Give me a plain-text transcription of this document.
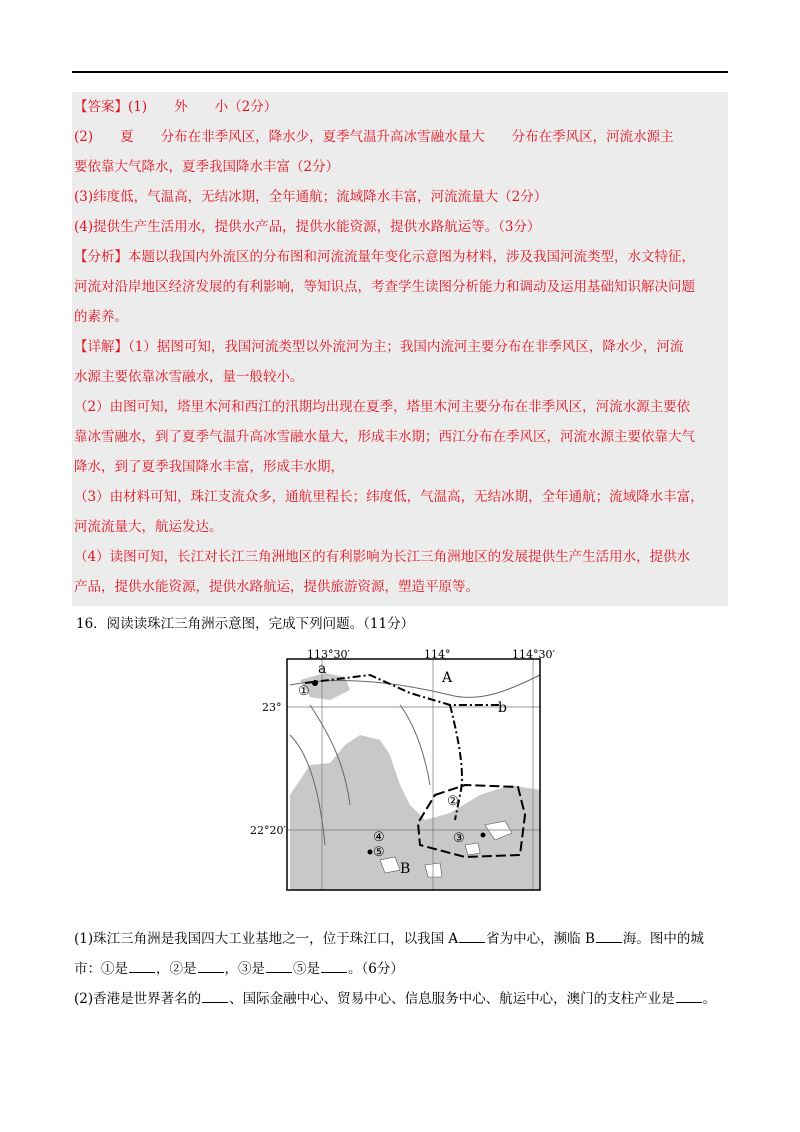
【答案】(1)　　外　　小（2分）

(2)　　夏　　分布在非季风区，降水少，夏季气温升高冰雪融水量大　　分布在季风区，河流水源主

要依靠大气降水，夏季我国降水丰富（2分）

(3)纬度低，气温高，无结冰期，全年通航；流域降水丰富，河流流量大（2分）

(4)提供生产生活用水，提供水产品，提供水能资源，提供水路航运等。（3分）

【分析】本题以我国内外流区的分布图和河流流量年变化示意图为材料，涉及我国河流类型，水文特征，

河流对沿岸地区经济发展的有利影响，等知识点，考查学生读图分析能力和调动及运用基础知识解决问题

的素养。

【详解】（1）据图可知，我国河流类型以外流河为主；我国内流河主要分布在非季风区，降水少，河流

水源主要依靠冰雪融水，量一般较小。

（2）由图可知，塔里木河和西江的汛期均出现在夏季，塔里木河主要分布在非季风区，河流水源主要依

靠冰雪融水，到了夏季气温升高冰雪融水量大，形成丰水期；西江分布在季风区，河流水源主要依靠大气

降水，到了夏季我国降水丰富，形成丰水期，

（3）由材料可知，珠江支流众多，通航里程长；纬度低，气温高，无结冰期，全年通航；流域降水丰富，

河流流量大，航运发达。

（4）读图可知，长江对长江三角洲地区的有利影响为长江三角洲地区的发展提供生产生活用水，提供水

产品，提供水能资源，提供水路航运，提供旅游资源，塑造平原等。

16．阅读读珠江三角洲示意图，完成下列问题。（11分）
113°30′	114°	114°30′
23°
22°20′
a
b
A
B
①
②
③
④
⑤
(1)珠江三角洲是我国四大工业基地之一，位于珠江口，以我国 A 省为中心，濒临 B 海。图中的城
市：①是 ，②是 ，③是 ⑤是 。（6分）
(2)香港是世界著名的 、国际金融中心、贸易中心、信息服务中心、航运中心，澳门的支柱产业是 。
